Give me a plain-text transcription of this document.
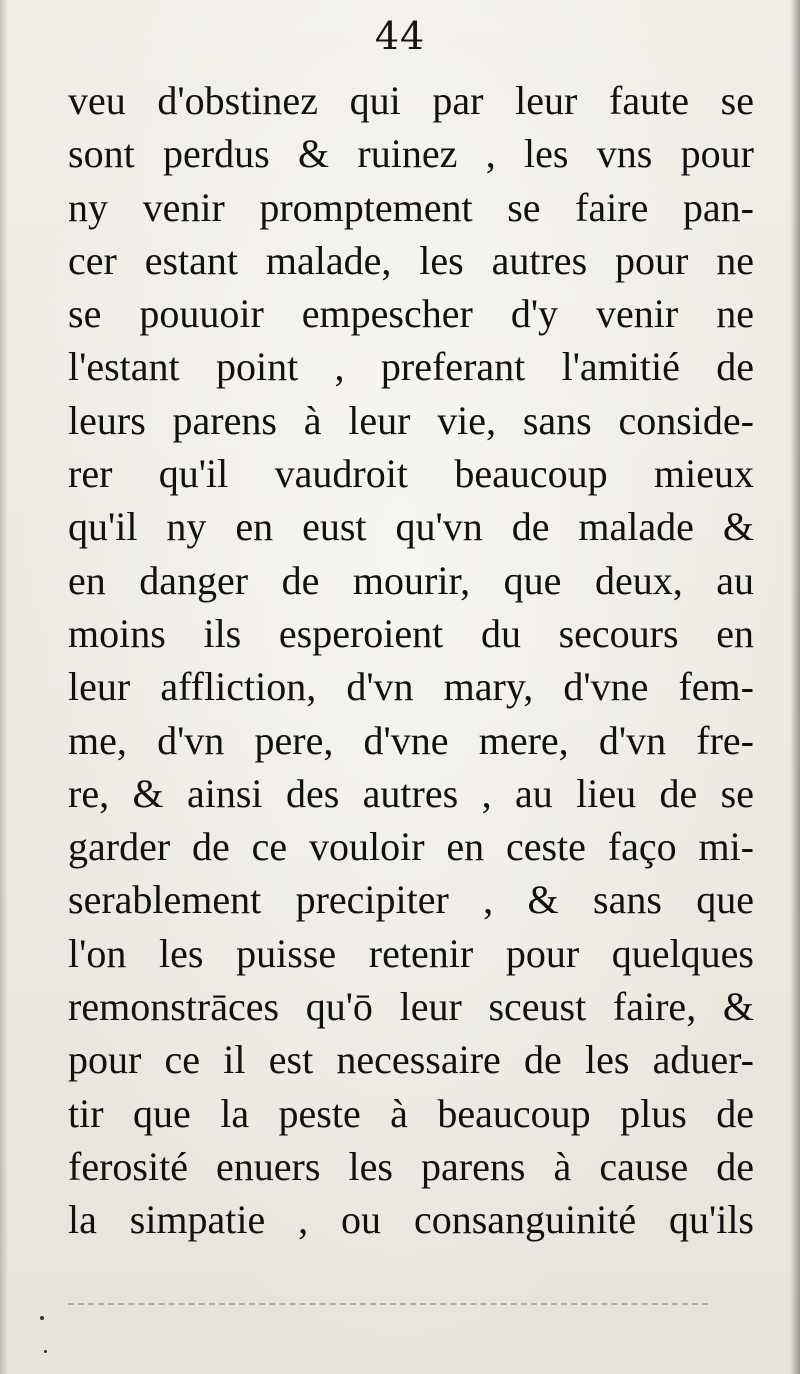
44
veu d'obstinez qui par leur faute se
sont perdus & ruinez , les vns pour
ny venir promptement se faire pan-
cer estant malade, les autres pour ne
se pouuoir empescher d'y venir ne
l'estant point , preferant l'amitié de
leurs parens à leur vie, sans conside-
rer qu'il vaudroit beaucoup mieux
qu'il ny en eust qu'vn de malade &
en danger de mourir, que deux, au
moins ils esperoient du secours en
leur affliction, d'vn mary, d'vne fem-
me, d'vn pere, d'vne mere, d'vn fre-
re, & ainsi des autres , au lieu de se
garder de ce vouloir en ceste faço mi-
serablement precipiter , & sans que
l'on les puisse retenir pour quelques
remonstrāces qu'ō leur sceust faire, &
pour ce il est necessaire de les aduer-
tir que la peste à beaucoup plus de
ferosité enuers les parens à cause de
la simpatie , ou consanguinité qu'ils
